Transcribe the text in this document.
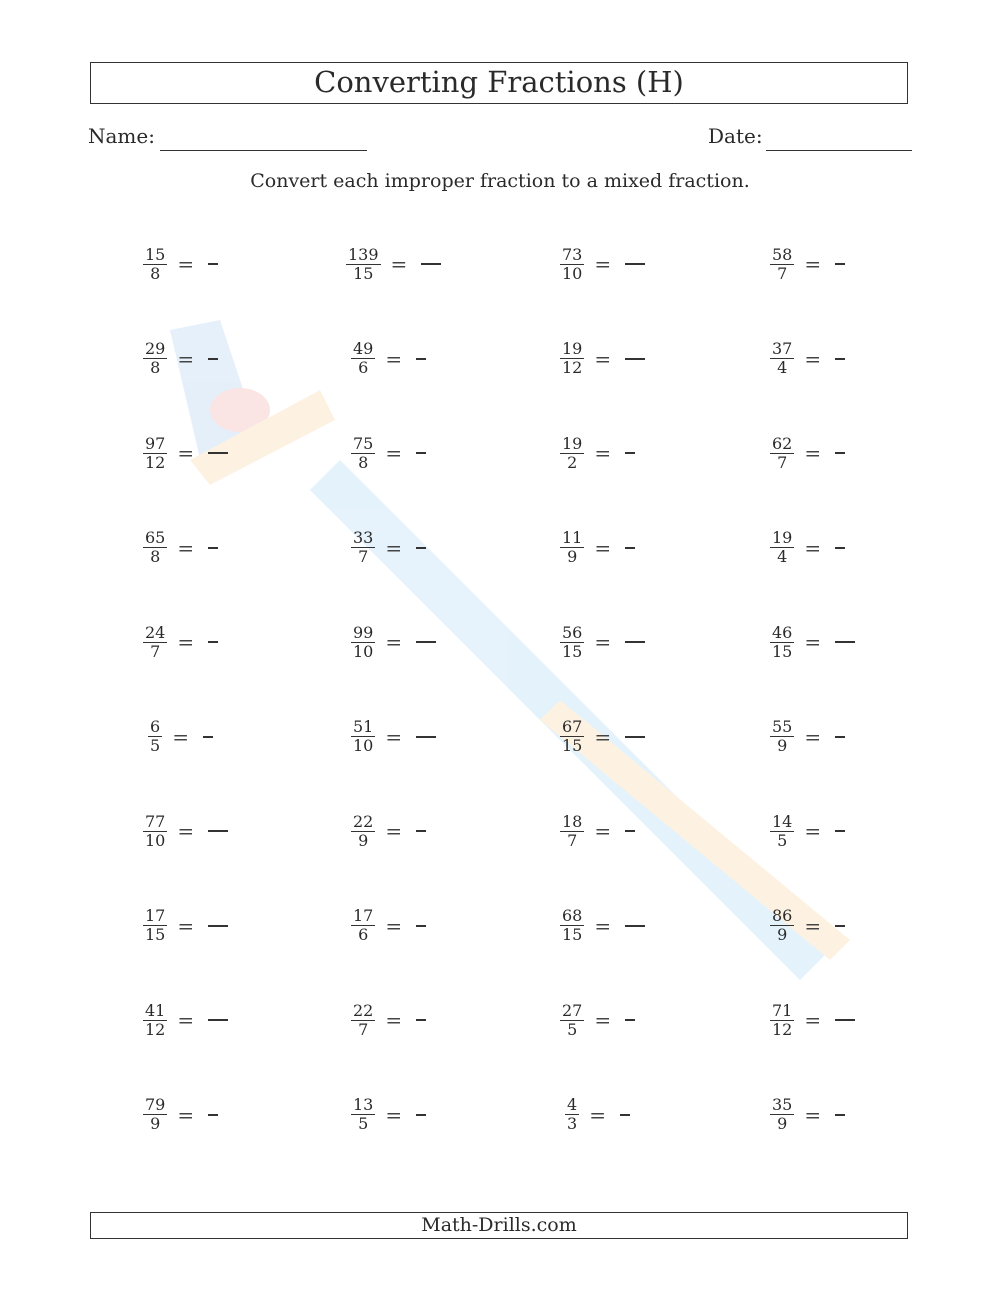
Converting Fractions (H)
Name:	Date:
Convert each improper fraction to a mixed fraction.
$\frac{15}{8}$ =	$\frac{139}{15}$ =	$\frac{73}{10}$ =	$\frac{58}{7}$ =
$\frac{29}{8}$ =	$\frac{49}{6}$ =	$\frac{19}{12}$ =	$\frac{37}{4}$ =
$\frac{97}{12}$ =	$\frac{75}{8}$ =	$\frac{19}{2}$ =	$\frac{62}{7}$ =
$\frac{65}{8}$ =	$\frac{33}{7}$ =	$\frac{11}{9}$ =	$\frac{19}{4}$ =
$\frac{24}{7}$ =	$\frac{99}{10}$ =	$\frac{56}{15}$ =	$\frac{46}{15}$ =
$\frac{6}{5}$ =	$\frac{51}{10}$ =	$\frac{67}{15}$ =	$\frac{55}{9}$ =
$\frac{77}{10}$ =	$\frac{22}{9}$ =	$\frac{18}{7}$ =	$\frac{14}{5}$ =
$\frac{17}{15}$ =	$\frac{17}{6}$ =	$\frac{68}{15}$ =	$\frac{86}{9}$ =
$\frac{41}{12}$ =	$\frac{22}{7}$ =	$\frac{27}{5}$ =	$\frac{71}{12}$ =
$\frac{79}{9}$ =	$\frac{13}{5}$ =	$\frac{4}{3}$ =	$\frac{35}{9}$ =
Math-Drills.com
